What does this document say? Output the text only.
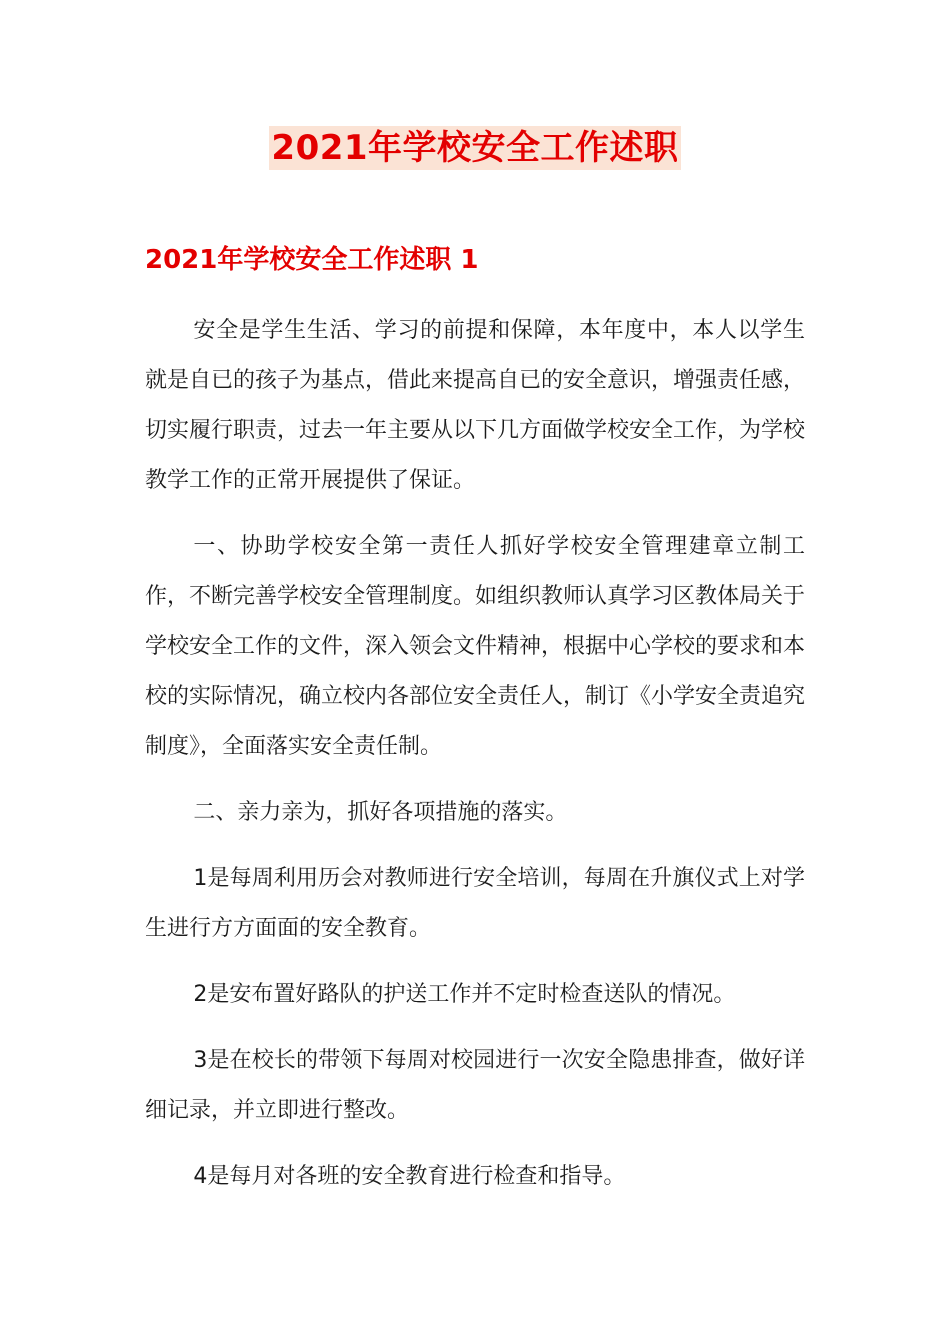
2021年学校安全工作述职
2021年学校安全工作述职 1

安全是学生生活、学习的前提和保障，本年度中，本人以学生就是自已的孩子为基点，借此来提高自已的安全意识，增强责任感，切实履行职责，过去一年主要从以下几方面做学校安全工作，为学校教学工作的正常开展提供了保证。

一、协助学校安全第一责任人抓好学校安全管理建章立制工作，不断完善学校安全管理制度。如组织教师认真学习区教体局关于学校安全工作的文件，深入领会文件精神，根据中心学校的要求和本校的实际情况，确立校内各部位安全责任人，制订《小学安全责追究制度》，全面落实安全责任制。

二、亲力亲为，抓好各项措施的落实。

1是每周利用历会对教师进行安全培训，每周在升旗仪式上对学生进行方方面面的安全教育。

2是安布置好路队的护送工作并不定时检查送队的情况。

3是在校长的带领下每周对校园进行一次安全隐患排查，做好详细记录，并立即进行整改。

4是每月对各班的安全教育进行检查和指导。
